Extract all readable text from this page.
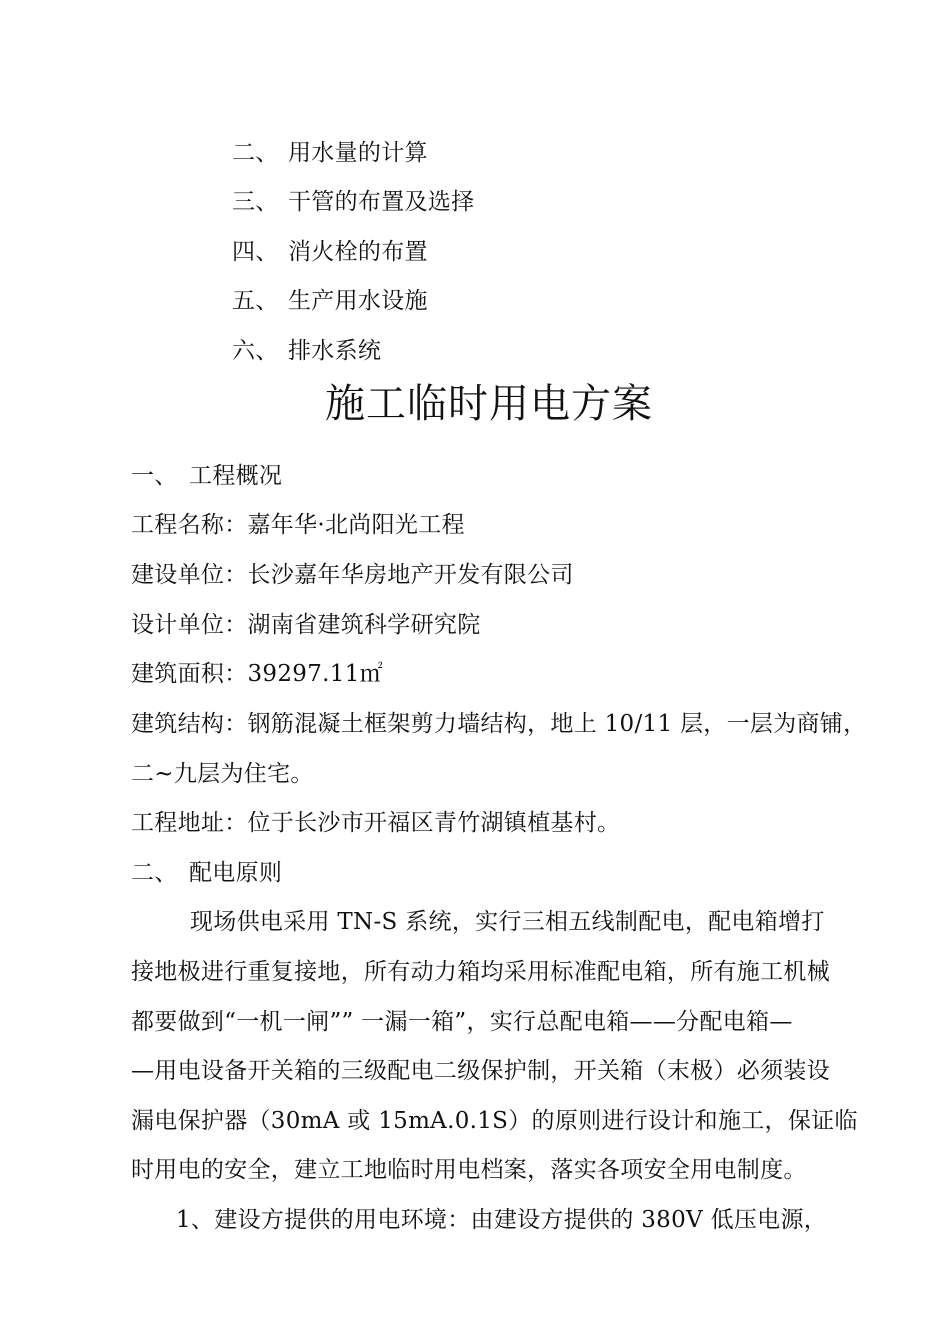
二、 用水量的计算
三、 干管的布置及选择
四、 消火栓的布置
五、 生产用水设施
六、 排水系统
施工临时用电方案
一、 工程概况
工程名称：嘉年华·北尚阳光工程
建设单位：长沙嘉年华房地产开发有限公司
设计单位：湖南省建筑科学研究院
建筑面积：39297.11㎡
建筑结构：钢筋混凝土框架剪力墙结构，地上 10/11 层，一层为商铺，
二~九层为住宅。
工程地址：位于长沙市开福区青竹湖镇植基村。
二、 配电原则
现场供电采用 TN-S 系统，实行三相五线制配电，配电箱增打
接地极进行重复接地，所有动力箱均采用标准配电箱，所有施工机械
都要做到“一机一闸”” 一漏一箱”，实行总配电箱——分配电箱—
—用电设备开关箱的三级配电二级保护制，开关箱（末极）必须装设
漏电保护器（30mA 或 15mA.0.1S）的原则进行设计和施工，保证临
时用电的安全，建立工地临时用电档案，落实各项安全用电制度。
1、建设方提供的用电环境：由建设方提供的 380V 低压电源，
